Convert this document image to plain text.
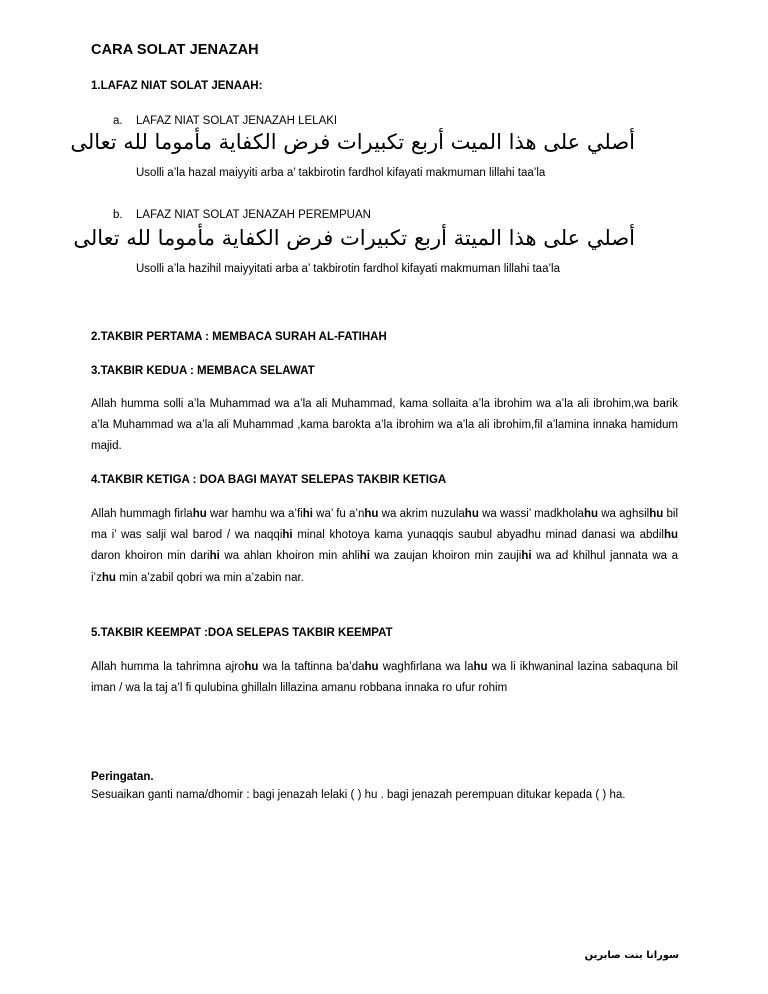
CARA SOLAT JENAZAH
1.LAFAZ NIAT SOLAT JENAAH:
a. LAFAZ NIAT SOLAT JENAZAH LELAKI
أصلي على هذا الميت أربع تكبيرات فرض الكفاية مأموما لله تعالى
Usolli a’la hazal maiyyiti arba a’ takbirotin fardhol kifayati makmuman lillahi taa’la
b. LAFAZ NIAT SOLAT JENAZAH PEREMPUAN
أصلي على هذا الميتة أربع تكبيرات فرض الكفاية مأموما لله تعالى
Usolli a’la hazihil maiyyitati arba a’ takbirotin fardhol kifayati makmuman lillahi taa’la
2.TAKBIR PERTAMA : MEMBACA SURAH AL-FATIHAH
3.TAKBIR KEDUA : MEMBACA SELAWAT
Allah humma solli a’la Muhammad wa a’la ali Muhammad, kama sollaita a’la ibrohim wa a’la ali ibrohim,wa barik a’la Muhammad wa a’la ali Muhammad ,kama barokta a’la ibrohim wa a’la ali ibrohim,fil a’lamina innaka hamidum majid.
4.TAKBIR KETIGA : DOA BAGI MAYAT SELEPAS TAKBIR KETIGA
Allah hummagh firlahu war hamhu wa a’fihi wa’ fu a’nhu wa akrim nuzulahu wa wassi’ madkholahu wa aghsilhu bil ma i’ was salji wal barod / wa naqqihi minal khotoya kama yunaqqis saubul abyadhu minad danasi wa abdilhu daron khoiron min darihi wa ahlan khoiron min ahlihi wa zaujan khoiron min zaujihi wa ad khilhul jannata wa a i’zhu min a’zabil qobri wa min a’zabin nar.
5.TAKBIR KEEMPAT :DOA SELEPAS TAKBIR KEEMPAT
Allah humma la tahrimna ajrohu wa la taftinna ba’dahu waghfirlana wa lahu wa li ikhwaninal lazina sabaquna bil iman / wa la taj a’l fi qulubina ghillaln lillazina amanu robbana innaka ro ufur rohim
Peringatan.
Sesuaikan ganti nama/dhomir : bagi jenazah lelaki ( ) hu . bagi jenazah perempuan ditukar kepada ( ) ha.
سورانا بنت صابرين
